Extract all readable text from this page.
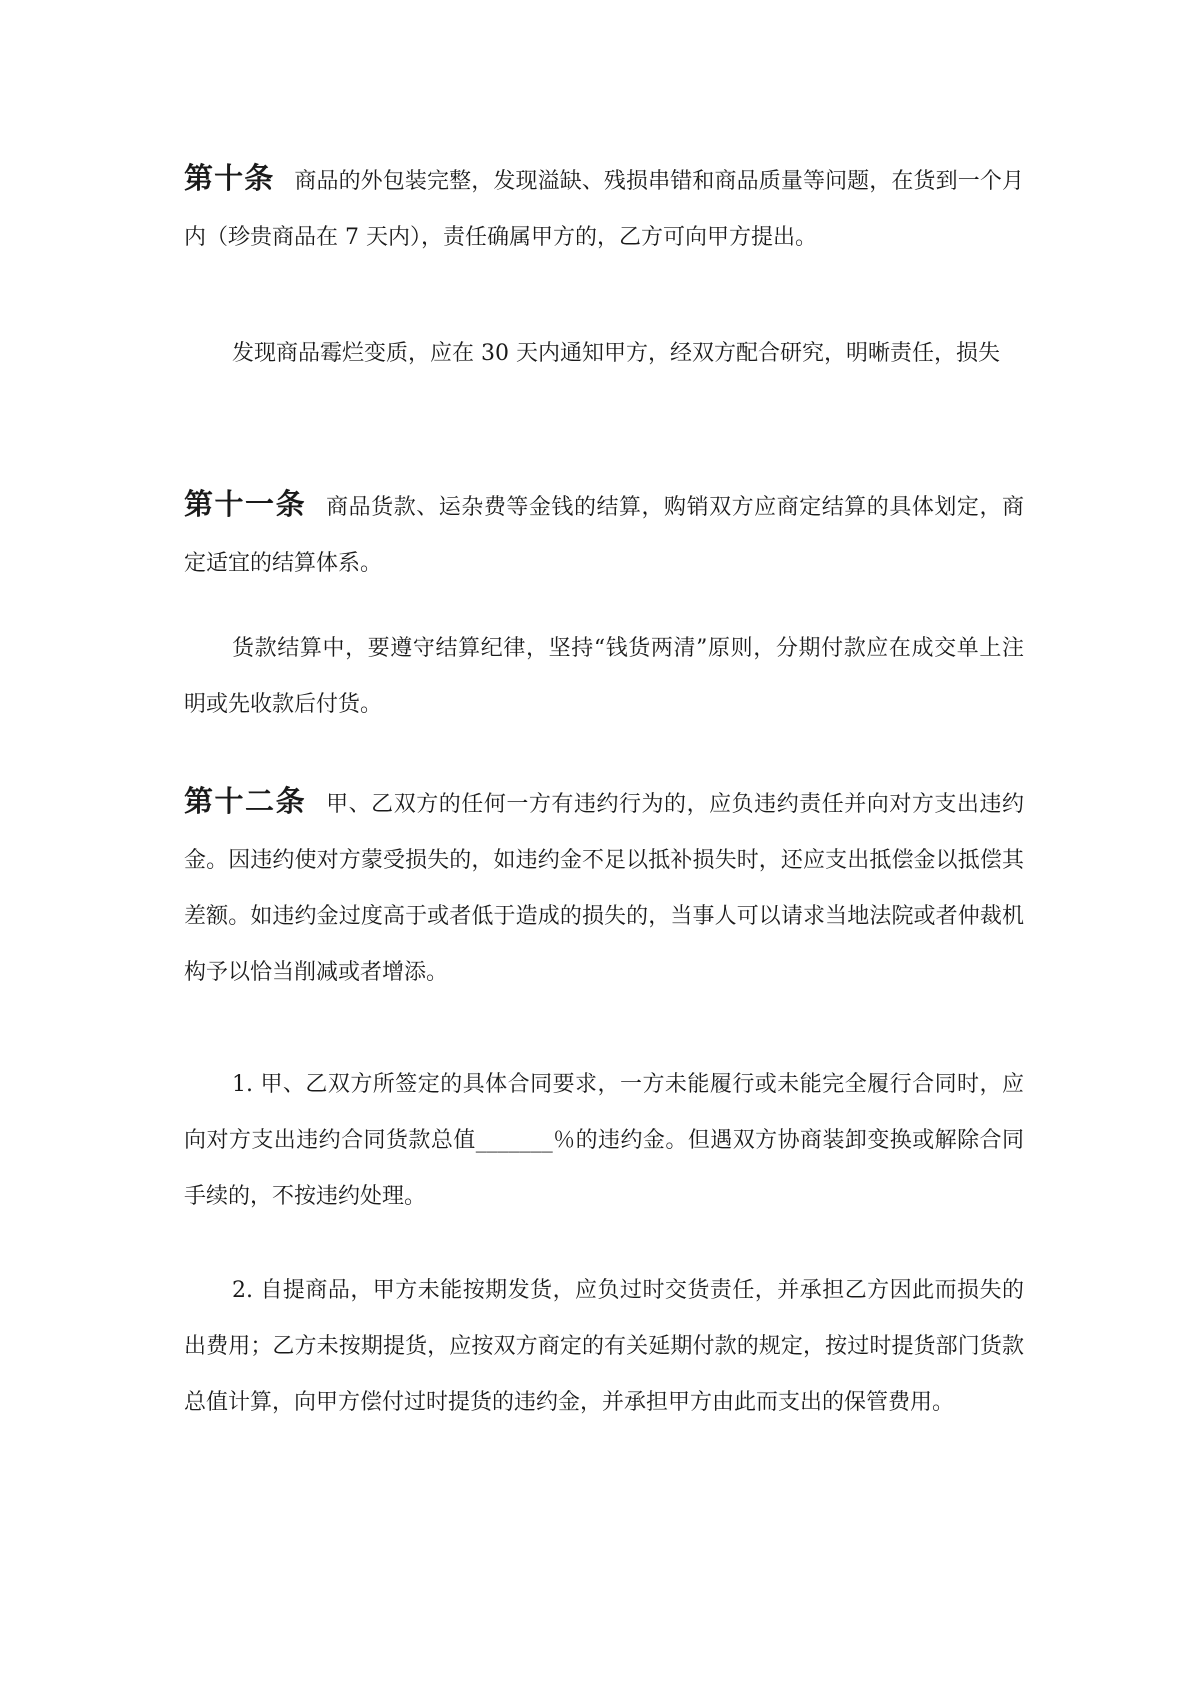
第十条 商品的外包装完整，发现溢缺、残损串错和商品质量等问题，在货到一个月内（珍贵商品在 7 天内），责任确属甲方的，乙方可向甲方提出。
发现商品霉烂变质，应在 30 天内通知甲方，经双方配合研究，明晰责任，损失
第十一条 商品货款、运杂费等金钱的结算，购销双方应商定结算的具体划定，商定适宜的结算体系。
货款结算中，要遵守结算纪律，坚持“钱货两清”原则，分期付款应在成交单上注明或先收款后付货。
第十二条 甲、乙双方的任何一方有违约行为的，应负违约责任并向对方支出违约金。因违约使对方蒙受损失的，如违约金不足以抵补损失时，还应支出抵偿金以抵偿其差额。如违约金过度高于或者低于造成的损失的，当事人可以请求当地法院或者仲裁机构予以恰当削减或者增添。
1. 甲、乙双方所签定的具体合同要求，一方未能履行或未能完全履行合同时，应向对方支出违约合同货款总值_______％的违约金。但遇双方协商装卸变换或解除合同手续的，不按违约处理。
2. 自提商品，甲方未能按期发货，应负过时交货责任，并承担乙方因此而损失的出费用；乙方未按期提货，应按双方商定的有关延期付款的规定，按过时提货部门货款总值计算，向甲方偿付过时提货的违约金，并承担甲方由此而支出的保管费用。
